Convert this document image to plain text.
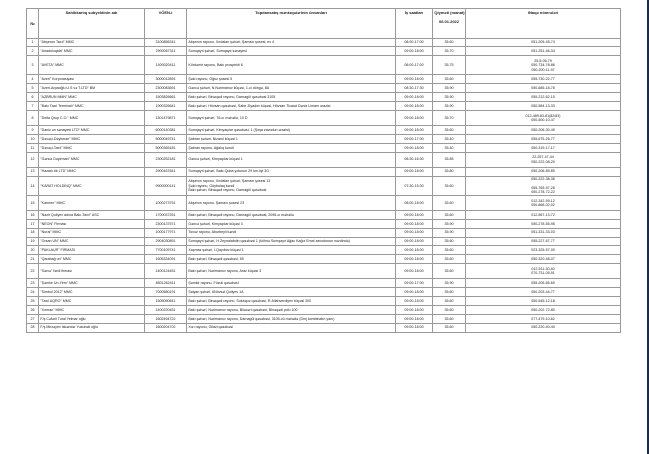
№	Sahibkarlıq subyektinin adı	VÖEN-i	Topdansatış məntəqələrinin ünvanları	İş saatları	Qiyməti (manat)
06.01.2022	Əlaqə nömrələri
1	"Abşeron Taxıl" MMC	3100856341	Abşeron rayonu, Xırdalan şəhəri, Şamaxı şosesi, ev 4	08:00-17:00	35.60	051-205-45-74

2	"Anadoluqida" MMC	2900067311	Sumqayıt şəhəri, Sumqayıt sənayesi	09:00-18:00	35.70	051-251-46-34

3	"AVETA" MMC	1400020411	Kürdəmir rayonu, Bakı prospekti 6	08:00-17:00	35.75	25-5-05-79
050-734-78-86
050-200-11-97

4	"Azeri" Korporasiyası	3000012891	Şəki rayonu, Oğuz şosesi 5	09:00-18:00	35.60	055-730-22-77

5	"Azeri-Arpaoğlu U.S və T.LTD" BM	2300083691	Gəncə şəhəri, N.Nərimanov küçəsi, 1-ci döngə, 8A	08:30-17:30	35.90	050-685-18-78

6	"AZBRUN MMN" MMC	1503826661	Bakı şəhəri, Binəqədi rayonu, Darnagül qəsəbəsi 3105	09:00-18:00	35.90	055-212-62-15

7	"Bakı Taxıl Terminalı" MMC	1900326641	Bakı şəhəri, Hövsan qəsəbəsi, Sabir Ziyadov küçəsi, Hövsan Ticarət Dəniz Limanı ərazisi	09:00-18:00	35.90	050-584-13-33

8	"Delta Qrup C.O." MMC	1301479871	Sumqayıt şəhəri, 76-cı məhəllə, 10 D	09:00-18:00	35.70	012-489-83-81(82/83)
050-500-10-47

9	"Daniz un sənayesi LTD" MMC	6000140381	Sumqayıt şəhəri, Kimyaçılar qəsəbəsi, 1 (Şoşa zavodun ərazisi)	09:00-18:00	35.60	050-206-30-49

10	"Dəvəçi-Dəyirman" MMC	5000049741	Şabran şəhəri, Nizami küçəsi 1	09:00-17:00	35.40	055-675-26-77

11	"Dəvəçi-Taxıl" MMC	5000365181	Şabran rayonu, Ağalıq kəndi	09:00-18:00	35.40	050-319-17-17

12	"Gəncə Dəyirman" MMC	2300252181	Gəncə şəhəri, Kimyaçılar küçəsi 1	08:30-16:30	35.85	22-257-47-44
050-222-08-20

13	"Hazarlı.tik LTD" MMC	2900167641	Sumqayıt şəhəri, Bakı-Quba yolunun 29 km-liyi 3G	09:00-18:00	35.80	050-206-89-89

14	"KARAT HOLDİNQ" MMC	9900000141	Abşeron rayonu, Xırdalan şəhəri, Şamaxı şosesi 13
Şəki rayonu, Göybulaq kəndi
Bakı şəhəri, Binəqədi rayonu, Darnagül qəsəbəsi	07:30-15:30	35.60	050-222-38-36

055-765-57-28
050-278-72-22

15	"Karmen" MMC	1000273751	Abşeron rayonu, Şamaxı şosesi 23	08:00-18:00	35.60	012-342-59-12
050-868-02-02

16	"Nazir Quliyev adına Bakı-Taxıl" ASC	1700037251	Bakı şəhəri, Binəqədi rayonu, Darnagül qəsəbəsi, 2096-cı məhəllə	09:00-18:00	35.60	012-567-13-72

17	"NEON" Firması	2300137571	Gəncə şəhəri, Kimyaçılar küçəsi 3	09:00-18:00	35.90	050-278-55-95

18	"Nural" MMC	1000177971	Tovuz rayonu, Aburbeyli kəndi	09:00-18:00	35.90	051-331-33-03

19	"Orsan UN" MMC	2904030891	Sumqayıt şəhəri, H.Zeynalabdin qəsəbəsi 1 (köhnə Sumqayıt Ağac Kağız Emal zavodunun nəzdində)	09:00-18:00	35.60	055-227-67-77

20	"PAKLAUR" FİRMASI	7700109741	Xaçmaz şəhəri, İ.Qayıbov küçəsi 1	09:00-18:00	35.60	023-325-57-00

21	"Qarabağ un" MMC	1605334091	Bakı şəhəri, Binəqədi qəsəbəsi, 59	09:00-18:00	35.60	050-320-48-07

22	"Sərvə" fərdi firması	1400124451	Bakı şəhəri, Nərimanov rayonu, Araz küçəsi 3	09:00-18:00	35.60	012-511-30-40
070-731-05-91

23	"Şəmkir Un-Yem" MMC	8501262411	Şəmkir rayonu, Füzuli qəsəbəsi	09:00-17:00	35.90	055-205-65-69

24	"Simbol 2012" MMC	7000580191	Salyan şəhəri, 6Növsəl Quliyev 1A	09:00-18:00	35.60	050-203-44-77

25	"Taxıl AQRO" MMC	1505090641	Bakı şəhəri, Binəqədi rayonu, Sulutəpə qəsəbəsi, R.Allahverdiyev küçəsi 300	09:00-18:00	35.60	050-545-12-18

26	"Xırman" MMC	1400220451	Bakı şəhəri, Nərimanov rayonu, Biləcəri qəsəbəsi, Binəqədi yolu 100	09:00-18:00	35.60	050-202-72-80

27	F/ş Cəfərli Tural Yelmar oğlu	1602494722	Bakı şəhəri, Nərimanov rayonu, Darnagül qəsəbəsi, 3105-cü məhəllə (Dmj kombinatın yanı)	09:00-18:00	35.60	077-479-10-62

28	F/ş Mirzəyev İskəndər Yusubəli oğlu	1600204702	Xızı rayonu, Gilazi qəsəbəsi	09:00-18:00	35.60	050-220-40-40
